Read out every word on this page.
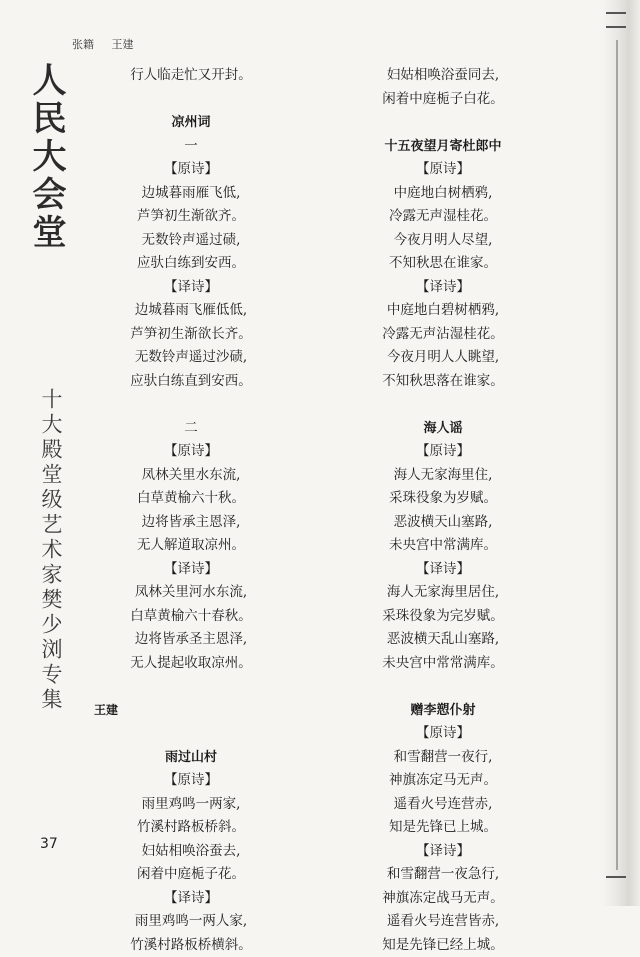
张籍 王建
人民大会堂
十大殿堂级艺术家樊少浏专集
37
行人临走忙又开封。
凉州词
一
【原诗】
边城暮雨雁飞低,
芦笋初生渐欲齐。
无数铃声遥过碛,
应驮白练到安西。
【译诗】
边城暮雨飞雁低低,
芦笋初生渐欲长齐。
无数铃声遥过沙碛,
应驮白练直到安西。
二
【原诗】
凤林关里水东流,
白草黄榆六十秋。
边将皆承主恩泽,
无人解道取凉州。
【译诗】
凤林关里河水东流,
白草黄榆六十春秋。
边将皆承圣主恩泽,
无人提起收取凉州。
王建
雨过山村
【原诗】
雨里鸡鸣一两家,
竹溪村路板桥斜。
妇姑相唤浴蚕去,
闲着中庭栀子花。
【译诗】
雨里鸡鸣一两人家,
竹溪村路板桥横斜。
妇姑相唤浴蚕同去,
闲着中庭栀子白花。
十五夜望月寄杜郎中
【原诗】
中庭地白树栖鸦,
冷露无声湿桂花。
今夜月明人尽望,
不知秋思在谁家。
【译诗】
中庭地白碧树栖鸦,
冷露无声沾湿桂花。
今夜月明人人眺望,
不知秋思落在谁家。
海人谣
【原诗】
海人无家海里住,
采珠役象为岁赋。
恶波横天山塞路,
未央宫中常满库。
【译诗】
海人无家海里居住,
采珠役象为完岁赋。
恶波横天乱山塞路,
未央宫中常常满库。
赠李愬仆射
【原诗】
和雪翻营一夜行,
神旗冻定马无声。
遥看火号连营赤,
知是先锋已上城。
【译诗】
和雪翻营一夜急行,
神旗冻定战马无声。
遥看火号连营皆赤,
知是先锋已经上城。
